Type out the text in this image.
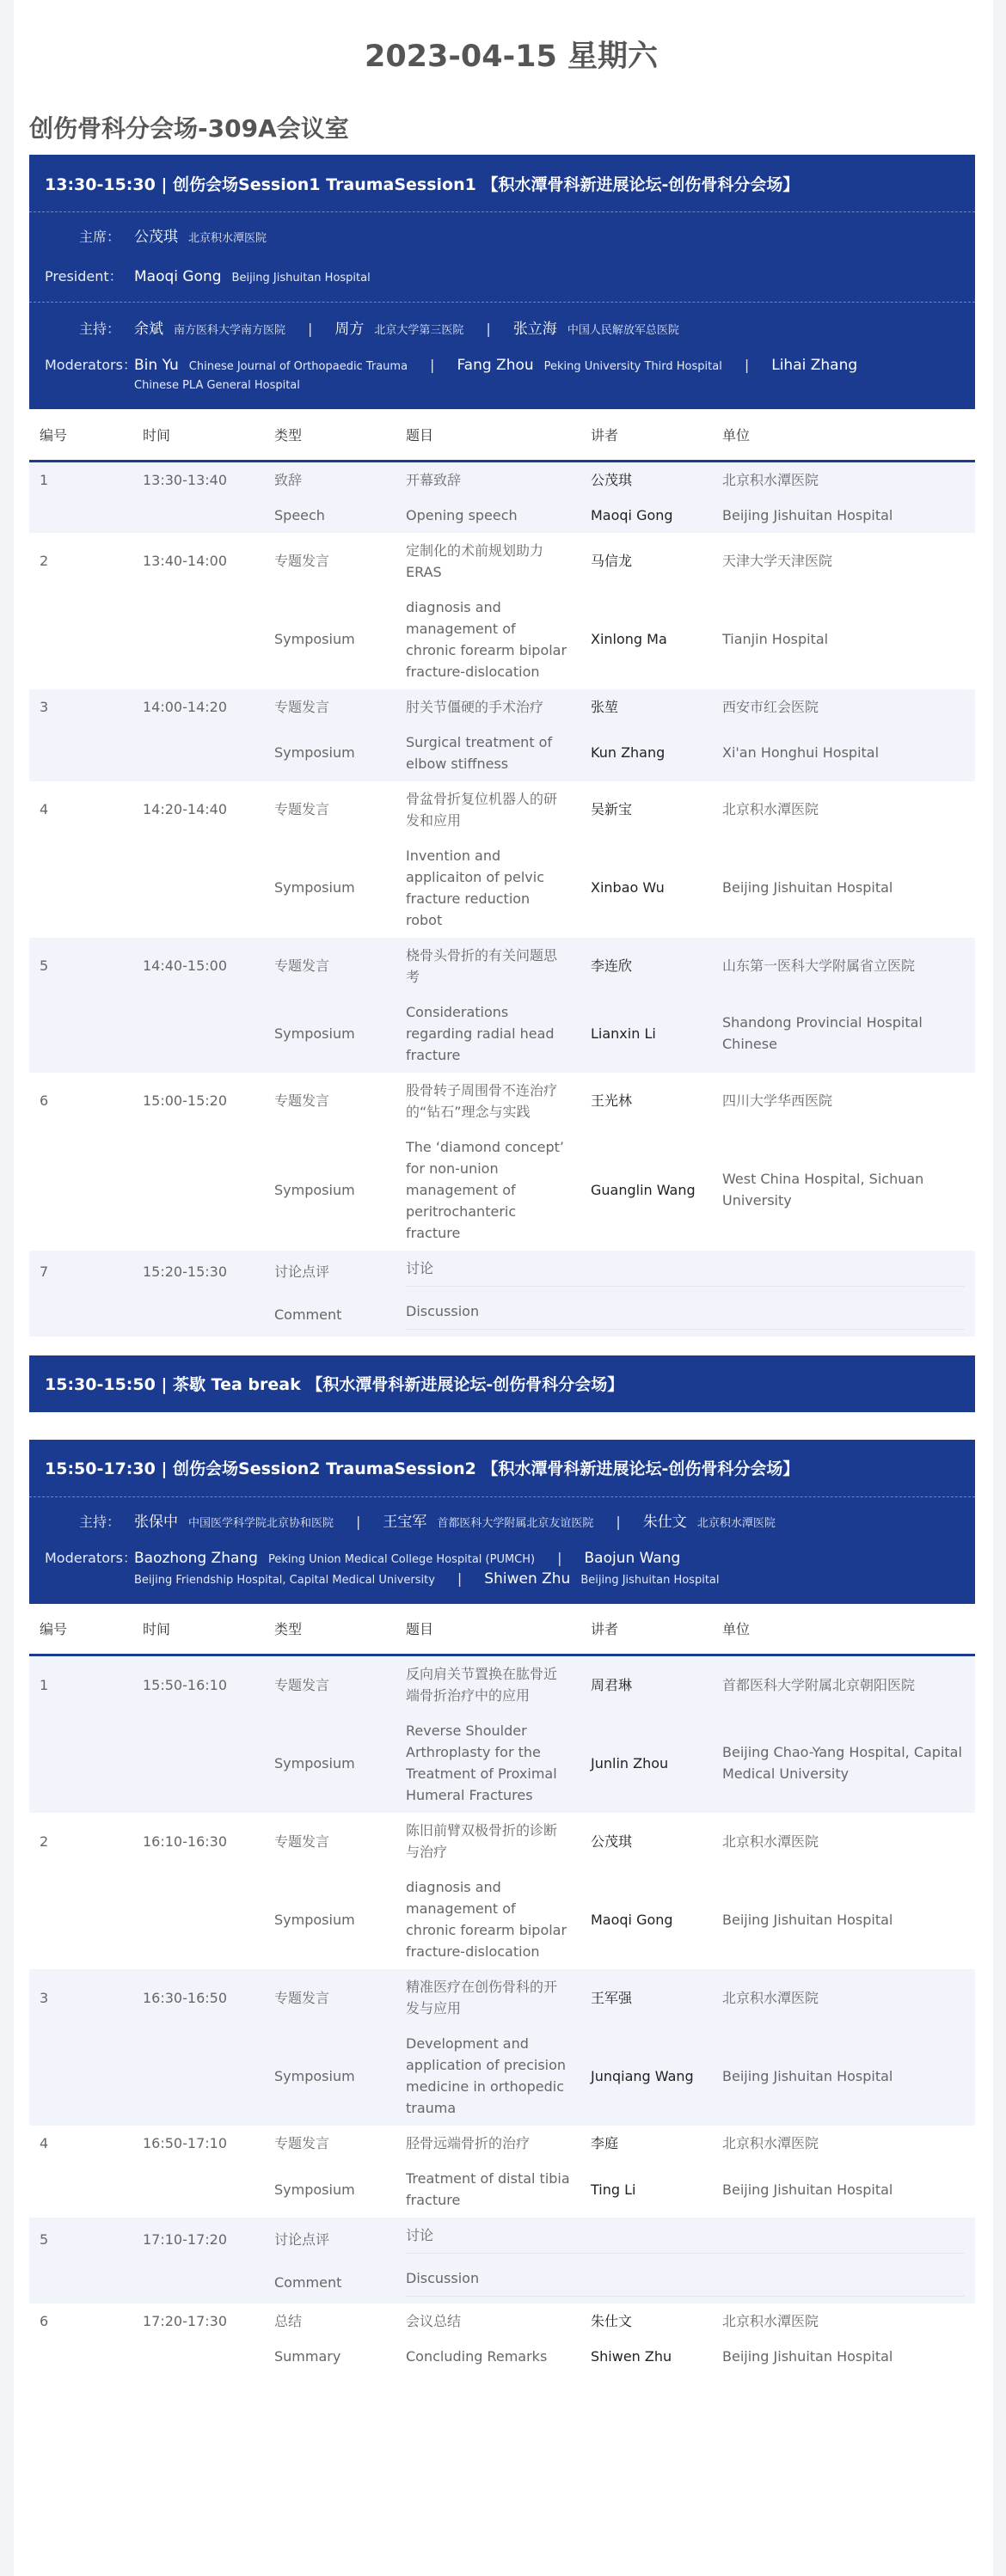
2023-04-15 星期六
创伤骨科分会场-309A会议室
13:30-15:30 | 创伤会场Session1 TraumaSession1 【积水潭骨科新进展论坛-创伤骨科分会场】
主席： 公茂琪 北京积水潭医院
President： Maoqi Gong Beijing Jishuitan Hospital
主持： 余斌 南方医科大学南方医院 | 周方 北京大学第三医院 | 张立海 中国人民解放军总医院
Moderators：
Bin Yu Chinese Journal of Orthopaedic Trauma | Fang Zhou Peking University Third Hospital | Lihai Zhang
Chinese PLA General Hospital
编号	时间	类型	题目	讲者	单位
1	13:30-13:40	致辞	开幕致辞	公茂琪	北京积水潭医院
		Speech	Opening speech	Maoqi Gong	Beijing Jishuitan Hospital
2	13:40-14:00	专题发言	定制化的术前规划助力ERAS	马信龙	天津大学天津医院
		Symposium	diagnosis and management of chronic forearm bipolar fracture-dislocation	Xinlong Ma	Tianjin Hospital
3	14:00-14:20	专题发言	肘关节僵硬的手术治疗	张堃	西安市红会医院
		Symposium	Surgical treatment of elbow stiffness	Kun Zhang	Xi'an Honghui Hospital
4	14:20-14:40	专题发言	骨盆骨折复位机器人的研发和应用	吴新宝	北京积水潭医院
		Symposium	Invention and applicaiton of pelvic fracture reduction robot	Xinbao Wu	Beijing Jishuitan Hospital
5	14:40-15:00	专题发言	桡骨头骨折的有关问题思考	李连欣	山东第一医科大学附属省立医院
		Symposium	Considerations regarding radial head fracture	Lianxin Li	Shandong Provincial Hospital Chinese
6	15:00-15:20	专题发言	股骨转子周围骨不连治疗的“钻石”理念与实践	王光林	四川大学华西医院
		Symposium	The ‘diamond concept’ for non-union management of peritrochanteric fracture	Guanglin Wang	West China Hospital, Sichuan University
7	15:20-15:30	讨论点评	讨论		

		Comment	Discussion		
15:30-15:50 | 茶歇 Tea break 【积水潭骨科新进展论坛-创伤骨科分会场】
15:50-17:30 | 创伤会场Session2 TraumaSession2 【积水潭骨科新进展论坛-创伤骨科分会场】
主持： 张保中 中国医学科学院北京协和医院 | 王宝军 首都医科大学附属北京友谊医院 | 朱仕文 北京积水潭医院
Moderators：
Baozhong Zhang Peking Union Medical College Hospital (PUMCH) | Baojun Wang
Beijing Friendship Hospital, Capital Medical University | Shiwen Zhu Beijing Jishuitan Hospital
编号	时间	类型	题目	讲者	单位
1	15:50-16:10	专题发言	反向肩关节置换在肱骨近端骨折治疗中的应用	周君琳	首都医科大学附属北京朝阳医院
		Symposium	Reverse Shoulder Arthroplasty for the Treatment of Proximal Humeral Fractures	Junlin Zhou	Beijing Chao-Yang Hospital, Capital Medical University
2	16:10-16:30	专题发言	陈旧前臂双极骨折的诊断与治疗	公茂琪	北京积水潭医院
		Symposium	diagnosis and management of chronic forearm bipolar fracture-dislocation	Maoqi Gong	Beijing Jishuitan Hospital
3	16:30-16:50	专题发言	精准医疗在创伤骨科的开发与应用	王军强	北京积水潭医院
		Symposium	Development and application of precision medicine in orthopedic trauma	Junqiang Wang	Beijing Jishuitan Hospital
4	16:50-17:10	专题发言	胫骨远端骨折的治疗	李庭	北京积水潭医院
		Symposium	Treatment of distal tibia fracture	Ting Li	Beijing Jishuitan Hospital
5	17:10-17:20	讨论点评	讨论		

		Comment	Discussion		

6	17:20-17:30	总结	会议总结	朱仕文	北京积水潭医院
		Summary	Concluding Remarks	Shiwen Zhu	Beijing Jishuitan Hospital
